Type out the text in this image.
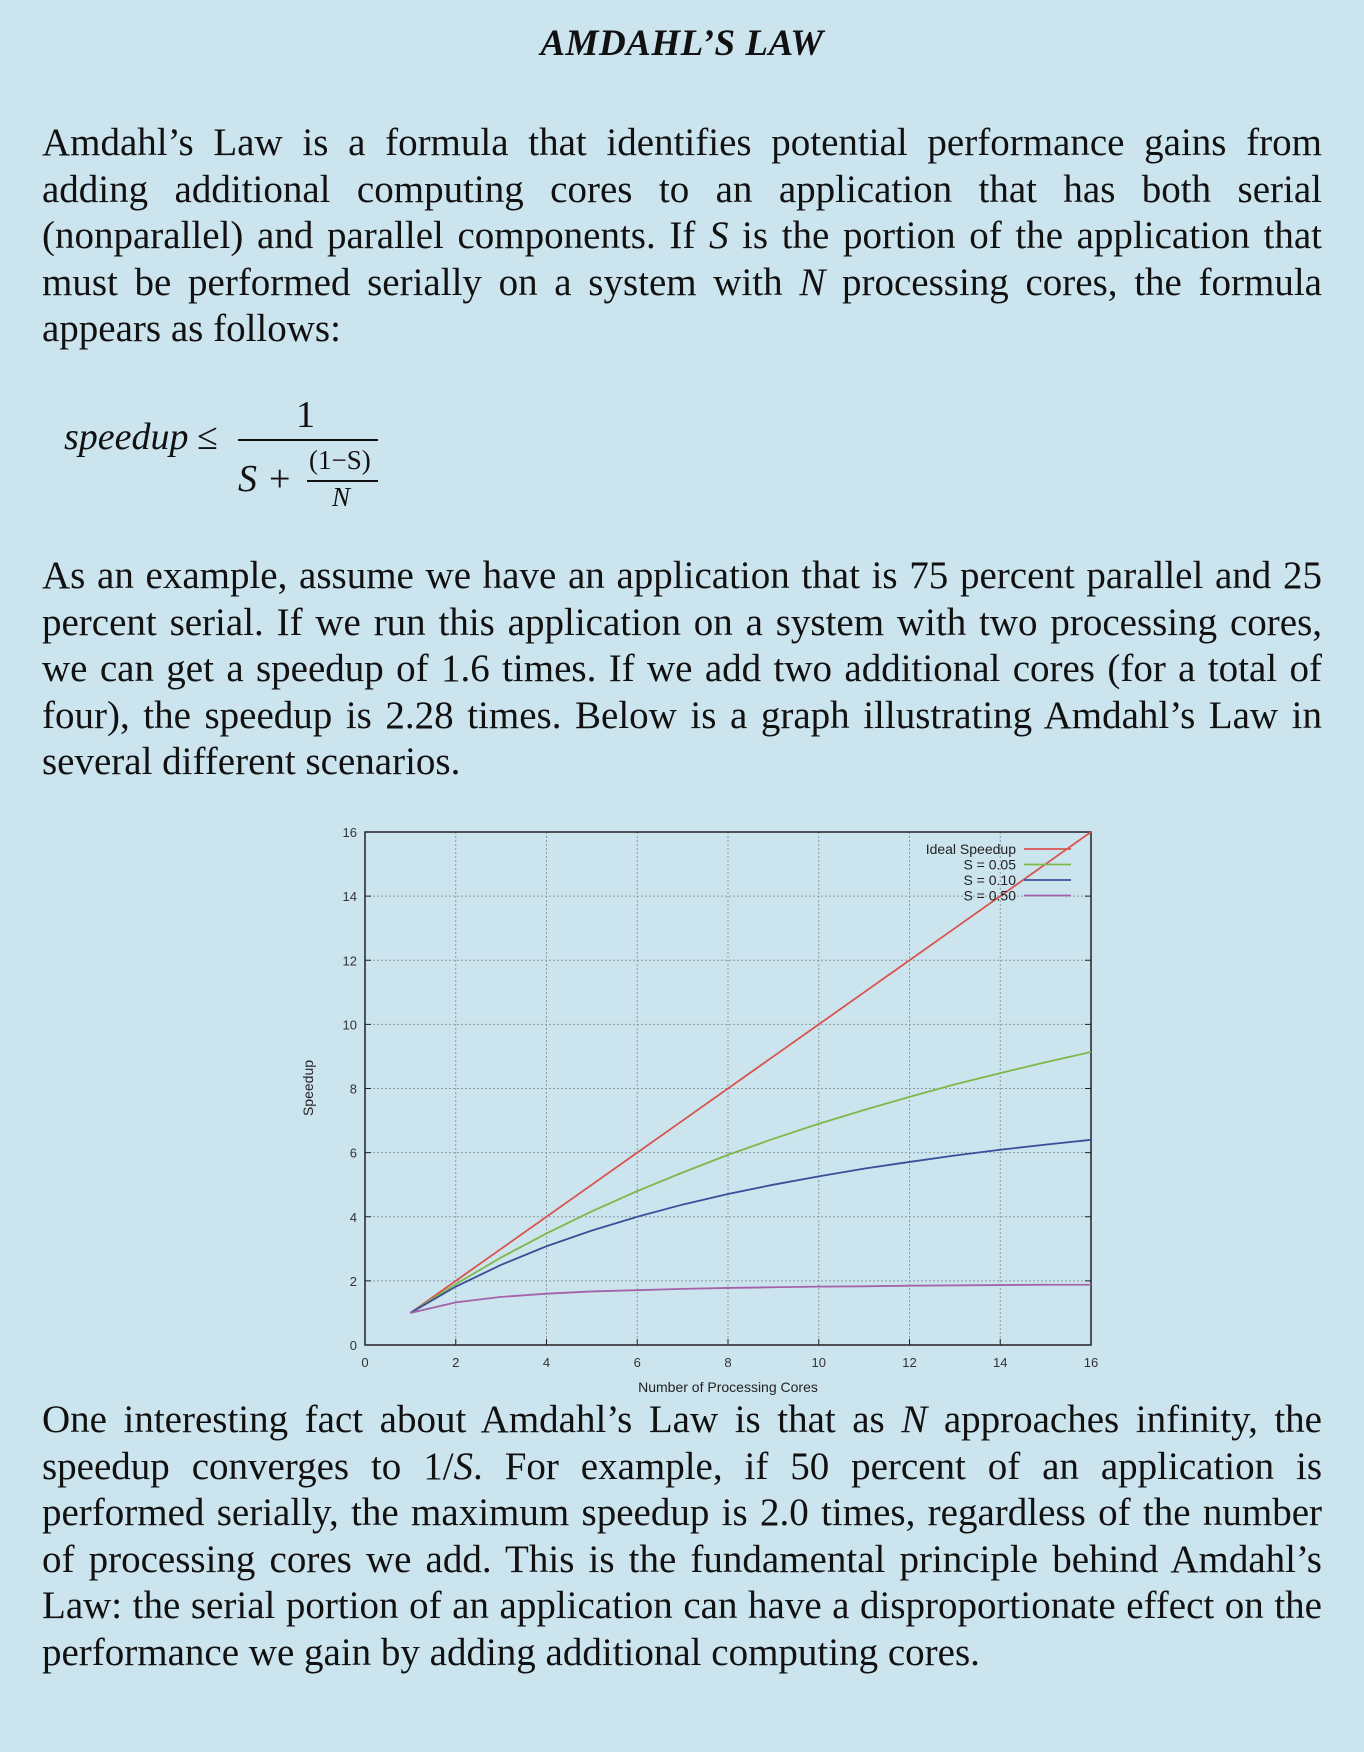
AMDAHL’S LAW

Amdahl’s Law is a formula that identifies potential performance gains from adding additional computing cores to an application that has both serial (nonparallel) and parallel components. If S is the portion of the application that must be performed serially on a system with N processing cores, the formula appears as follows:

speedup ≤
1
S + (1−S)
N

As an example, assume we have an application that is 75 percent parallel and 25 percent serial. If we run this application on a system with two processing cores, we can get a speedup of 1.6 times. If we add two additional cores (for a total of four), the speedup is 2.28 times. Below is a graph illustrating Amdahl’s Law in several different scenarios.

0	2	4	6	8	10	12	14	16
0
2
4
6
8
10
12
14
16
Ideal Speedup
S = 0.05
S = 0.10
S = 0.50
Number of Processing Cores
Speedup

One interesting fact about Amdahl’s Law is that as N approaches infinity, the speedup converges to 1/S. For example, if 50 percent of an application is performed serially, the maximum speedup is 2.0 times, regardless of the number of processing cores we add. This is the fundamental principle behind Amdahl’s Law: the serial portion of an application can have a disproportionate effect on the performance we gain by adding additional computing cores.
